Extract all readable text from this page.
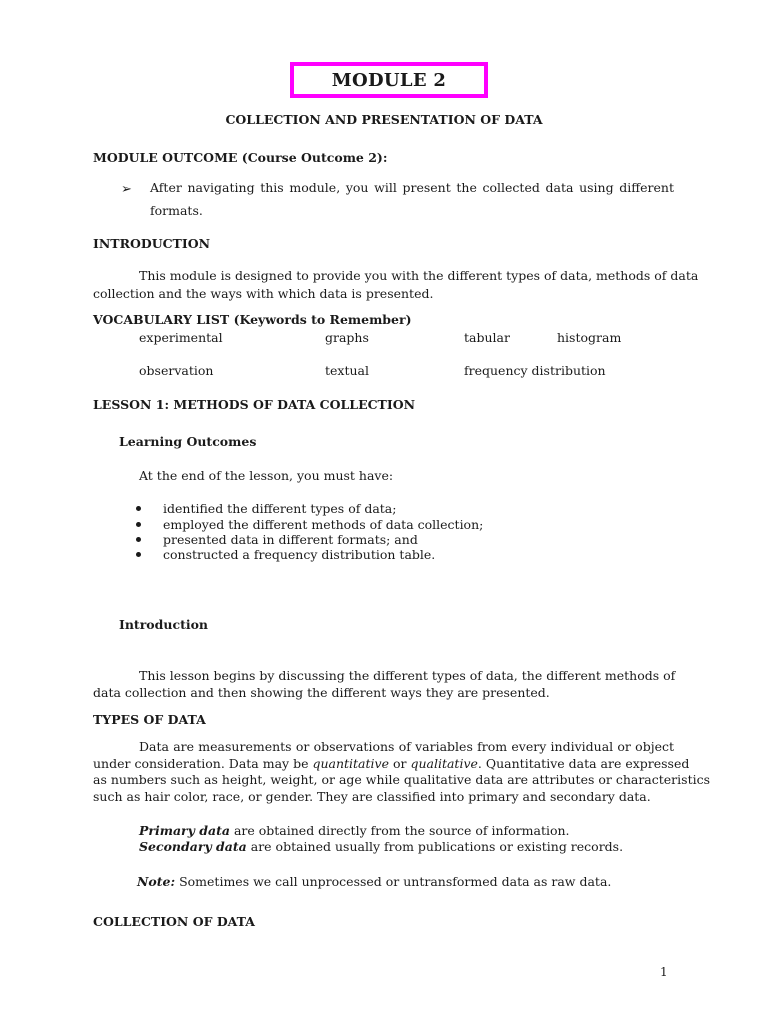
MODULE 2
COLLECTION AND PRESENTATION OF DATA
MODULE OUTCOME (Course Outcome 2):
➢ After navigating this module, you will present the collected data using different
formats.
INTRODUCTION
This module is designed to provide you with the different types of data, methods of data
collection and the ways with which data is presented.
VOCABULARY LIST (Keywords to Remember)
experimental	graphs	tabular	histogram
observation	textual	frequency distribution
LESSON 1: METHODS OF DATA COLLECTION
Learning Outcomes
At the end of the lesson, you must have:
identified the different types of data;
employed the different methods of data collection;
presented data in different formats; and
constructed a frequency distribution table.
Introduction
This lesson begins by discussing the different types of data, the different methods of
data collection and then showing the different ways they are presented.
TYPES OF DATA
Data are measurements or observations of variables from every individual or object
under consideration. Data may be quantitative or qualitative. Quantitative data are expressed
as numbers such as height, weight, or age while qualitative data are attributes or characteristics
such as hair color, race, or gender. They are classified into primary and secondary data.
Primary data are obtained directly from the source of information.
Secondary data are obtained usually from publications or existing records.
Note: Sometimes we call unprocessed or untransformed data as raw data.
COLLECTION OF DATA
1
